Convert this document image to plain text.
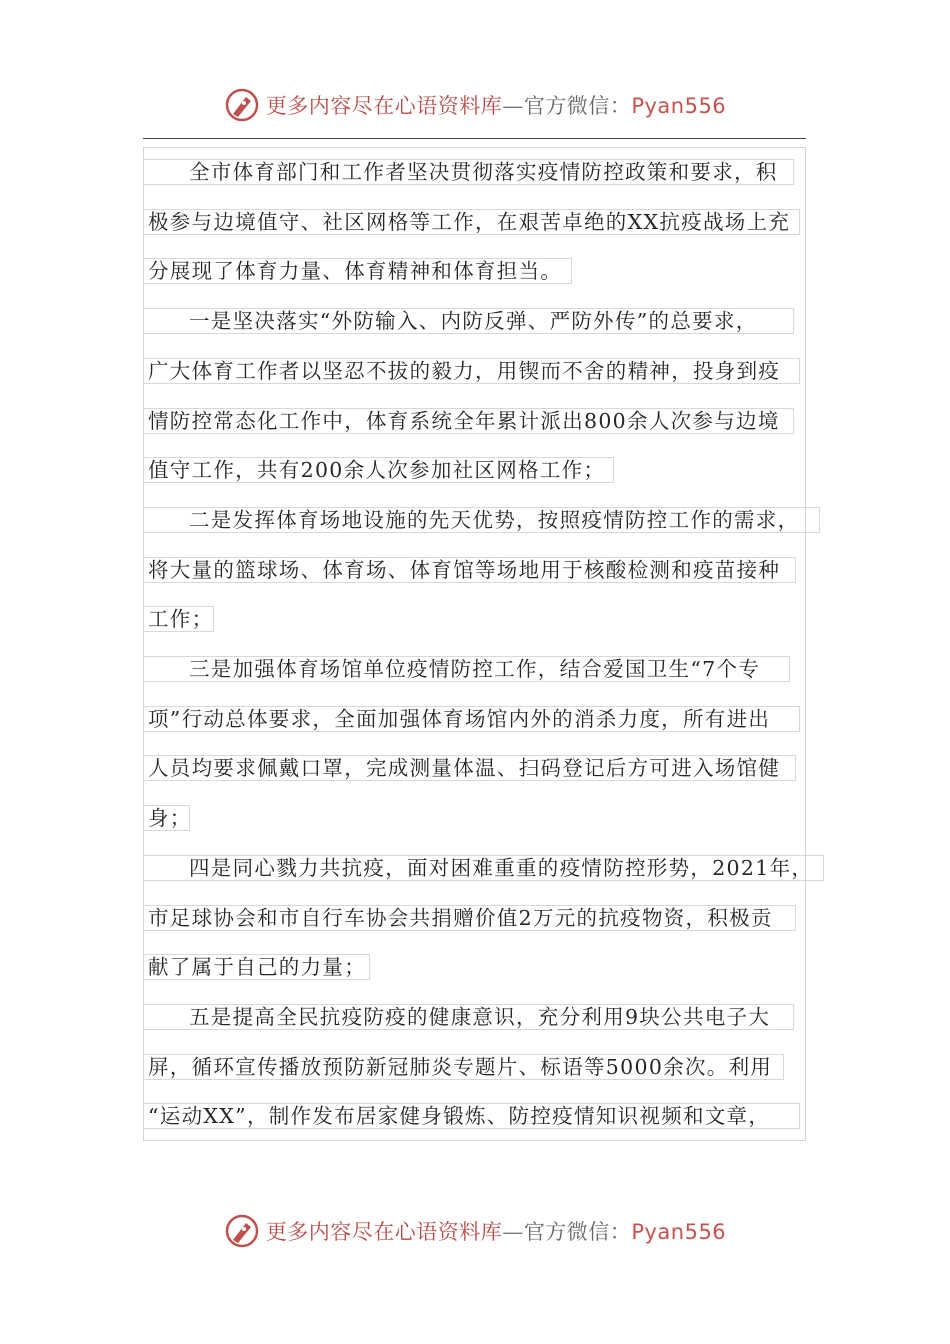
更多内容尽在心语资料库—官方微信：Pyan556
全市体育部门和工作者坚决贯彻落实疫情防控政策和要求，积
极参与边境值守、社区网格等工作，在艰苦卓绝的XX抗疫战场上充
分展现了体育力量、体育精神和体育担当。
一是坚决落实“外防输入、内防反弹、严防外传”的总要求，
广大体育工作者以坚忍不拔的毅力，用锲而不舍的精神，投身到疫
情防控常态化工作中，体育系统全年累计派出800余人次参与边境
值守工作，共有200余人次参加社区网格工作；
二是发挥体育场地设施的先天优势，按照疫情防控工作的需求，
将大量的篮球场、体育场、体育馆等场地用于核酸检测和疫苗接种
工作；
三是加强体育场馆单位疫情防控工作，结合爱国卫生“7个专
项”行动总体要求，全面加强体育场馆内外的消杀力度，所有进出
人员均要求佩戴口罩，完成测量体温、扫码登记后方可进入场馆健
身；
四是同心戮力共抗疫，面对困难重重的疫情防控形势，2021年，
市足球协会和市自行车协会共捐赠价值2万元的抗疫物资，积极贡
献了属于自己的力量；
五是提高全民抗疫防疫的健康意识，充分利用9块公共电子大
屏，循环宣传播放预防新冠肺炎专题片、标语等5000余次。利用
“运动XX”，制作发布居家健身锻炼、防控疫情知识视频和文章，
更多内容尽在心语资料库—官方微信：Pyan556
